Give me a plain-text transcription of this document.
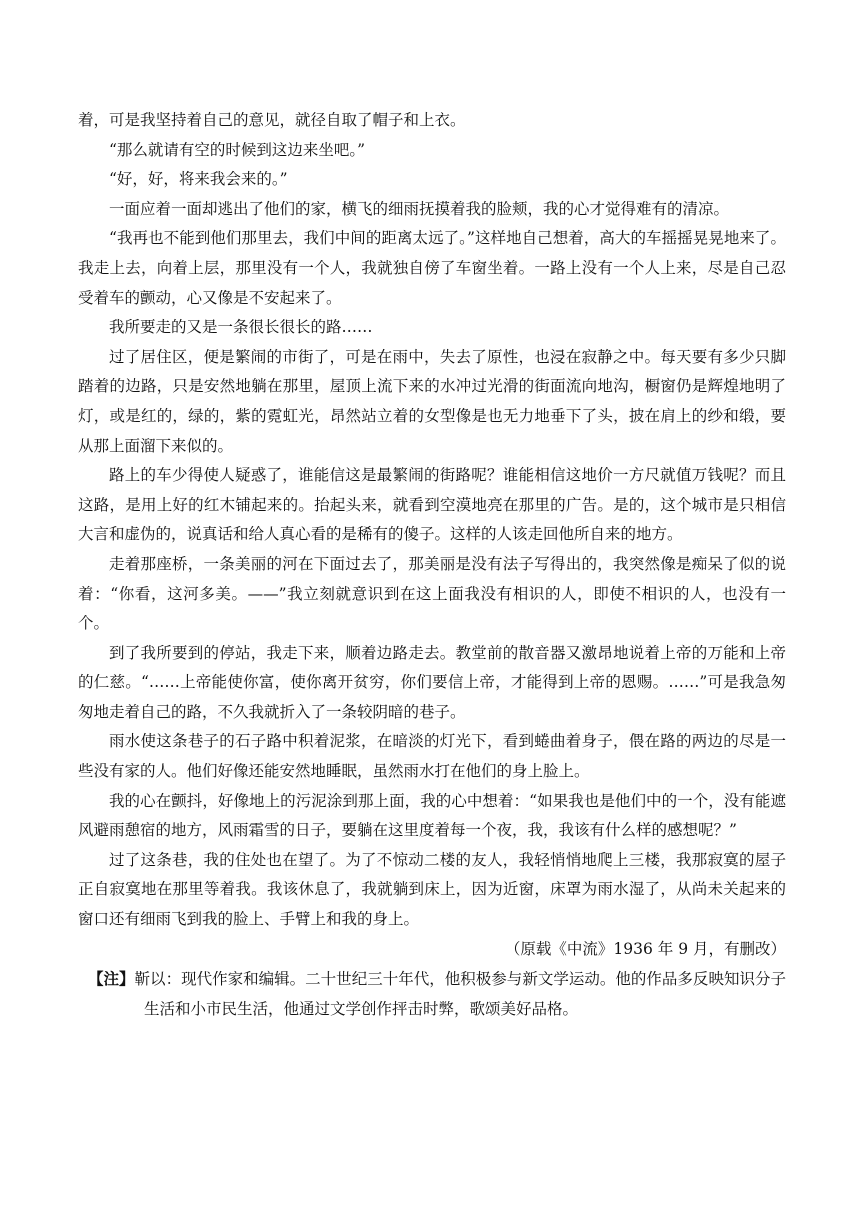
着，可是我坚持着自己的意见，就径自取了帽子和上衣。

“那么就请有空的时候到这边来坐吧。”

“好，好，将来我会来的。”

一面应着一面却逃出了他们的家，横飞的细雨抚摸着我的脸颊，我的心才觉得难有的清凉。

“我再也不能到他们那里去，我们中间的距离太远了。”这样地自己想着，高大的车摇摇晃晃地来了。我走上去，向着上层，那里没有一个人，我就独自傍了车窗坐着。一路上没有一个人上来，尽是自己忍受着车的颤动，心又像是不安起来了。

我所要走的又是一条很长很长的路……

过了居住区，便是繁闹的市街了，可是在雨中，失去了原性，也浸在寂静之中。每天要有多少只脚踏着的边路，只是安然地躺在那里，屋顶上流下来的水冲过光滑的街面流向地沟，橱窗仍是辉煌地明了灯，或是红的，绿的，紫的霓虹光，昂然站立着的女型像是也无力地垂下了头，披在肩上的纱和缎，要从那上面溜下来似的。

路上的车少得使人疑惑了，谁能信这是最繁闹的街路呢？谁能相信这地价一方尺就值万钱呢？而且这路，是用上好的红木铺起来的。抬起头来，就看到空漠地亮在那里的广告。是的，这个城市是只相信大言和虚伪的，说真话和给人真心看的是稀有的傻子。这样的人该走回他所自来的地方。

走着那座桥，一条美丽的河在下面过去了，那美丽是没有法子写得出的，我突然像是痴呆了似的说着：“你看，这河多美。——”我立刻就意识到在这上面我没有相识的人，即使不相识的人，也没有一个。

到了我所要到的停站，我走下来，顺着边路走去。教堂前的散音器又激昂地说着上帝的万能和上帝的仁慈。“……上帝能使你富，使你离开贫穷，你们要信上帝，才能得到上帝的恩赐。……”可是我急匆匆地走着自己的路，不久我就折入了一条较阴暗的巷子。

雨水使这条巷子的石子路中积着泥浆，在暗淡的灯光下，看到蜷曲着身子，偎在路的两边的尽是一些没有家的人。他们好像还能安然地睡眠，虽然雨水打在他们的身上脸上。

我的心在颤抖，好像地上的污泥涂到那上面，我的心中想着：“如果我也是他们中的一个，没有能遮风避雨憩宿的地方，风雨霜雪的日子，要躺在这里度着每一个夜，我，我该有什么样的感想呢？”

过了这条巷，我的住处也在望了。为了不惊动二楼的友人，我轻悄悄地爬上三楼，我那寂寞的屋子正自寂寞地在那里等着我。我该休息了，我就躺到床上，因为近窗，床罩为雨水湿了，从尚未关起来的窗口还有细雨飞到我的脸上、手臂上和我的身上。

（原载《中流》1936 年 9 月，有删改）

【注】靳以：现代作家和编辑。二十世纪三十年代，他积极参与新文学运动。他的作品多反映知识分子生活和小市民生活，他通过文学创作抨击时弊，歌颂美好品格。
